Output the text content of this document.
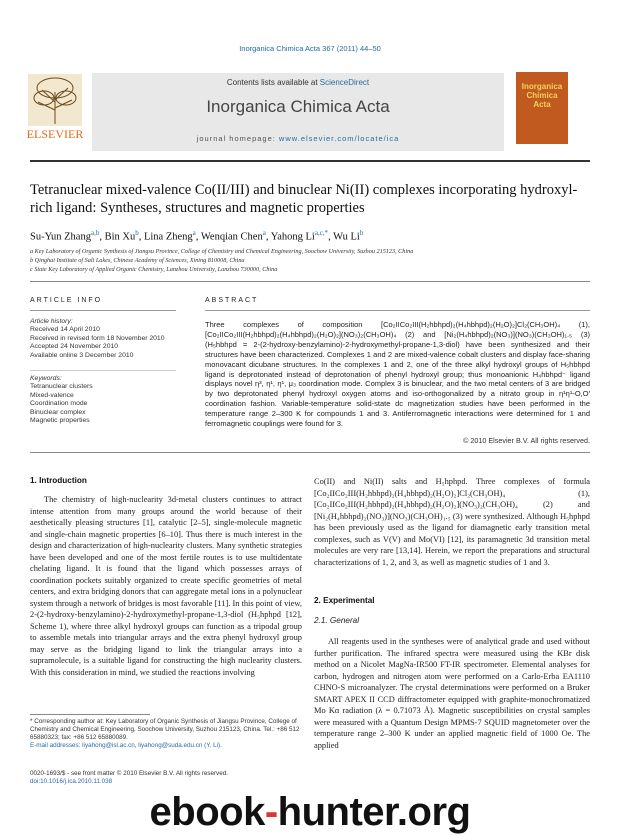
Inorganica Chimica Acta 367 (2011) 44–50
ELSEVIER
Contents lists available at ScienceDirect
Inorganica Chimica Acta
journal homepage: www.elsevier.com/locate/ica
Inorganica Chimica Acta
Tetranuclear mixed-valence Co(II/III) and binuclear Ni(II) complexes incorporating hydroxyl-rich ligand: Syntheses, structures and magnetic properties
Su-Yun Zhang$^{a,b}$, Bin Xu$^b$, Lina Zheng$^a$, Wenqian Chen$^a$, Yahong $Li^{a,c,*}$, Wu Li$^b$
a Key Laboratory of Organic Synthesis of Jiangsu Province, College of Chemistry and Chemical Engineering, Soochow University, Suzhou 215123, China
b Qinghai Institute of Salt Lakes, Chinese Academy of Sciences, Xining 810008, China
c State Key Laboratory of Applied Organic Chemistry, Lanzhou University, Lanzhou 730000, China
ARTICLE INFO
Article history:
Received 14 April 2010
Received in revised form 18 November 2010
Accepted 24 November 2010
Available online 3 December 2010
Keywords:
Tetranuclear clusters
Mixed-valence
Coordination mode
Binuclear complex
Magnetic properties
ABSTRACT
Three complexes of composition [Co₂IICo₂III(H₂hbhpd)₂(H₄hbhpd)₂(H₂O)₂]Cl₂(CH₃OH)₄ (1), [Co₂IICo₂III(H₂hbhpd)₂(H₄hbhpd)₂(H₂O)₂](NO₃)₂(CH₃OH)₄ (2) and [Ni₂(H₄hbhpd)₂(NO₃)](NO₃)(CH₃OH)₁.₅ (3) (H₅hbhpd = 2-(2-hydroxy-benzylamino)-2-hydroxymethyl-propane-1,3-diol) have been synthesized and their structures have been characterized. Complexes 1 and 2 are mixed-valence cobalt clusters and display face-sharing monovacant dicubane structures. In the complexes 1 and 2, one of the three alkyl hydroxyl groups of H₅hbhpd ligand is deprotonated instead of deprotonation of phenyl hydroxyl group; thus monoanionic H₄hbhpd⁻ ligand displays novel η³, η¹, η¹, μ₃ coordination mode. Complex 3 is binuclear, and the two metal centers of 3 are bridged by two deprotonated phenyl hydroxyl oxygen atoms and iso-orthogonalized by a nitrato group in η¹η¹-O,O′ coordination fashion. Variable-temperature solid-state dc magnetization studies have been performed in the temperature range 2–300 K for compounds 1 and 3. Antiferromagnetic interactions were determined for 1 and ferromagnetic couplings were found for 3.
© 2010 Elsevier B.V. All rights reserved.
1. Introduction
The chemistry of high-nuclearity 3d-metal clusters continues to attract intense attention from many groups around the world because of their aesthetically pleasing structures [1], catalytic [2–5], single-molecule magnetic and single-chain magnetic properties [6–10]. Thus there is much interest in the design and characterization of high-nuclearity clusters. Many synthetic strategies have been developed and one of the most fertile routes is to use multidentate chelating ligand. It is found that the ligand which possesses arrays of coordination pockets suitably organized to create specific geometries of metal centers, and extra bridging donors that can aggregate metal ions in a polynuclear system through a network of bridges is most favorable [11]. In this point of view, 2-(2-hydroxy-benzylamino)-2-hydroxymethyl-propane-1,3-diol (H₅hphpd [12], Scheme 1), where three alkyl hydroxyl groups can function as a tripodal group to assemble metals into triangular arrays and the extra phenyl hydroxyl group may serve as the bridging ligand to link the triangular arrays into a supramolecule, is a suitable ligand for constructing the high nuclearity clusters. With this consideration in mind, we studied the reactions involving
* Corresponding author at: Key Laboratory of Organic Synthesis of Jiangsu Province, College of Chemistry and Chemical Engineering, Soochow University, Suzhou 215123, China. Tel.: +86 512 65880323; fax: +86 512 65880089.
E-mail addresses: liyahong@isl.ac.cn, liyahong@suda.edu.cn (Y. Li).
0020-1693/$ - see front matter © 2010 Elsevier B.V. All rights reserved.
doi:10.1016/j.ica.2010.11.038
Co(II) and Ni(II) salts and H₅hphpd. Three complexes of formula [Co₂IICo₂III(H₂hbhpd)₂(H₄hbhpd)₂(H₂O)₂]Cl₂(CH₃OH)₄ (1), [Co₂IICo₂III(H₂hbhpd)₂(H₄hbhpd)₂(H₂O)₂](NO₃)₂(CH₃OH)₄ (2) and [Ni₂(H₄hbhpd)₂(NO₃)](NO₃)(CH₃OH)₁.₅ (3) were synthesized. Although H₅hphpd has been previously used as the ligand for diamagnetic early transition metal complexes, such as V(V) and Mo(VI) [12], its paramagnetic 3d transition metal molecules are very rare [13,14]. Herein, we report the preparations and structural characterizations of 1, 2, and 3, as well as magnetic studies of 1 and 3.
2. Experimental
2.1. General
All reagents used in the syntheses were of analytical grade and used without further purification. The infrared spectra were measured using the KBr disk method on a Nicolet MagNa-IR500 FT-IR spectrometer. Elemental analyses for carbon, hydrogen and nitrogen atom were performed on a Carlo-Erba EA1110 CHNO-S microanalyzer. The crystal determinations were performed on a Bruker SMART APEX II CCD diffractometer equipped with graphite-monochromatized Mo Kα radiation (λ = 0.71073 Å). Magnetic susceptibilities on crystal samples were measured with a Quantum Design MPMS-7 SQUID magnetometer over the temperature range 2–300 K under an applied magnetic field of 1000 Oe. The applied
ebook-hunter.org
